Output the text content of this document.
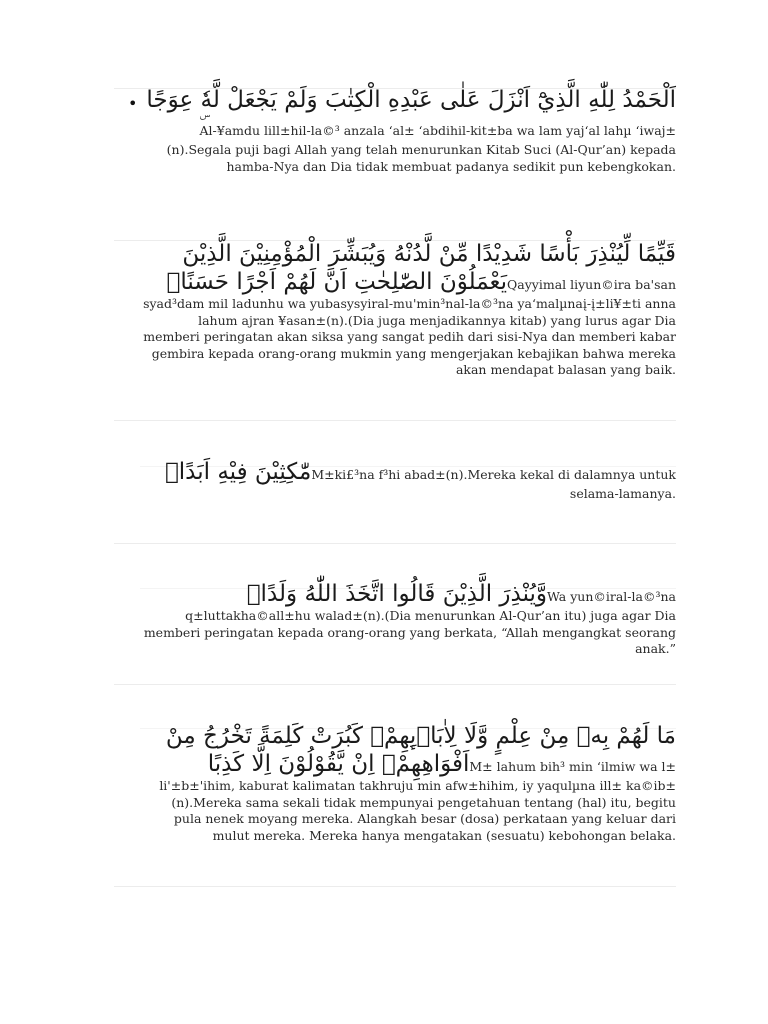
•	اَلْحَمْدُ لِلّٰهِ الَّذِيْٓ اَنْزَلَ عَلٰى عَبْدِهِ الْكِتٰبَ وَلَمْ يَجْعَلْ لَّهٗ عِوَجًا Al-¥amdu lill±hil-la©³ anzala ‘al± ‘abdihil-kit±ba wa lam yaj‘al lahµ ‘iwaj±(n).Segala puji bagi Allah yang telah menurunkan Kitab Suci (Al-Qur’an) kepada hamba-Nya dan Dia tidak membuat padanya sedikit pun kebengkokan.
قَيِّمًا لِّيُنْذِرَ بَأْسًا شَدِيْدًا مِّنْ لَّدُنْهُ وَيُبَشِّرَ الْمُؤْمِنِيْنَ الَّذِيْنَ يَعْمَلُوْنَ الصّٰلِحٰتِ اَنَّ لَهُمْ اَجْرًا حَسَنًاۙQayyimal liyun©ira ba'san syad³dam mil ladunhu wa yubasysyiral-mu'min³nal-la©³na ya‘malµnaį-į±li¥±ti anna lahum ajran ¥asan±(n).(Dia juga menjadikannya kitab) yang lurus agar Dia memberi peringatan akan siksa yang sangat pedih dari sisi-Nya dan memberi kabar gembira kepada orang-orang mukmin yang mengerjakan kebajikan bahwa mereka akan mendapat balasan yang baik.
مّٰكِثِيْنَ فِيْهِ اَبَدًاۙM±ki£³na f³hi abad±(n).Mereka kekal di dalamnya untuk selama-lamanya.
وَّيُنْذِرَ الَّذِيْنَ قَالُوا اتَّخَذَ اللّٰهُ وَلَدًاۖWa yun©iral-la©³na q±luttakha©all±hu walad±(n).(Dia menurunkan Al-Qur’an itu) juga agar Dia memberi peringatan kepada orang-orang yang berkata, “Allah mengangkat seorang anak.”
مَا لَهُمْ بِهٖ مِنْ عِلْمٍ وَّلَا لِاٰبَاۤىِٕهِمْۗ كَبُرَتْ كَلِمَةً تَخْرُجُ مِنْ اَفْوَاهِهِمْۗ اِنْ يَّقُوْلُوْنَ اِلَّا كَذِبًاM± lahum bih³ min ‘ilmiw wa l± li'±b±'ihim, kaburat kalimatan takhruju min afw±hihim, iy yaqulµna ill± ka©ib±(n).Mereka sama sekali tidak mempunyai pengetahuan tentang (hal) itu, begitu pula nenek moyang mereka. Alangkah besar (dosa) perkataan yang keluar dari mulut mereka. Mereka hanya mengatakan (sesuatu) kebohongan belaka.
